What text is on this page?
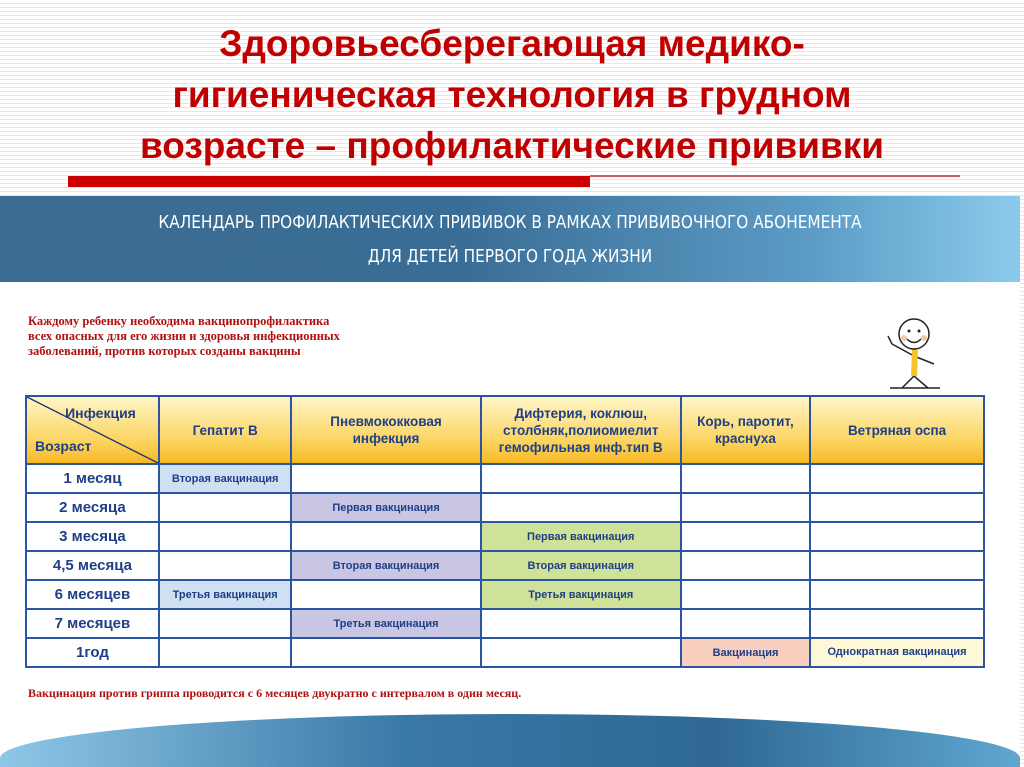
Здоровьесберегающая медико-
гигиеническая технология в грудном
возрасте – профилактические прививки
КАЛЕНДАРЬ ПРОФИЛАКТИЧЕСКИХ ПРИВИВОК В РАМКАХ ПРИВИВОЧНОГО АБОНЕМЕНТА
ДЛЯ ДЕТЕЙ ПЕРВОГО ГОДА ЖИЗНИ
Каждому ребенку необходима вакцинопрофилактика
всех опасных для его жизни и здоровья инфекционных
заболеваний, против которых созданы вакцины
Инфекция
Возраст	Гепатит В	Пневмококковая инфекция	Дифтерия, коклюш, столбняк,полиомиелит гемофильная инф.тип В	Корь, паротит, краснуха	Ветряная оспа
1 месяц	Вторая вакцинация				
2 месяца		Первая вакцинация			
3 месяца			Первая вакцинация		
4,5 месяца		Вторая вакцинация	Вторая вакцинация		
6 месяцев	Третья вакцинация		Третья вакцинация		
7 месяцев		Третья вакцинация			
1год				Вакцинация	Однократная вакцинация
Вакцинация против гриппа проводится с 6 месяцев двукратно с интервалом в один месяц.
